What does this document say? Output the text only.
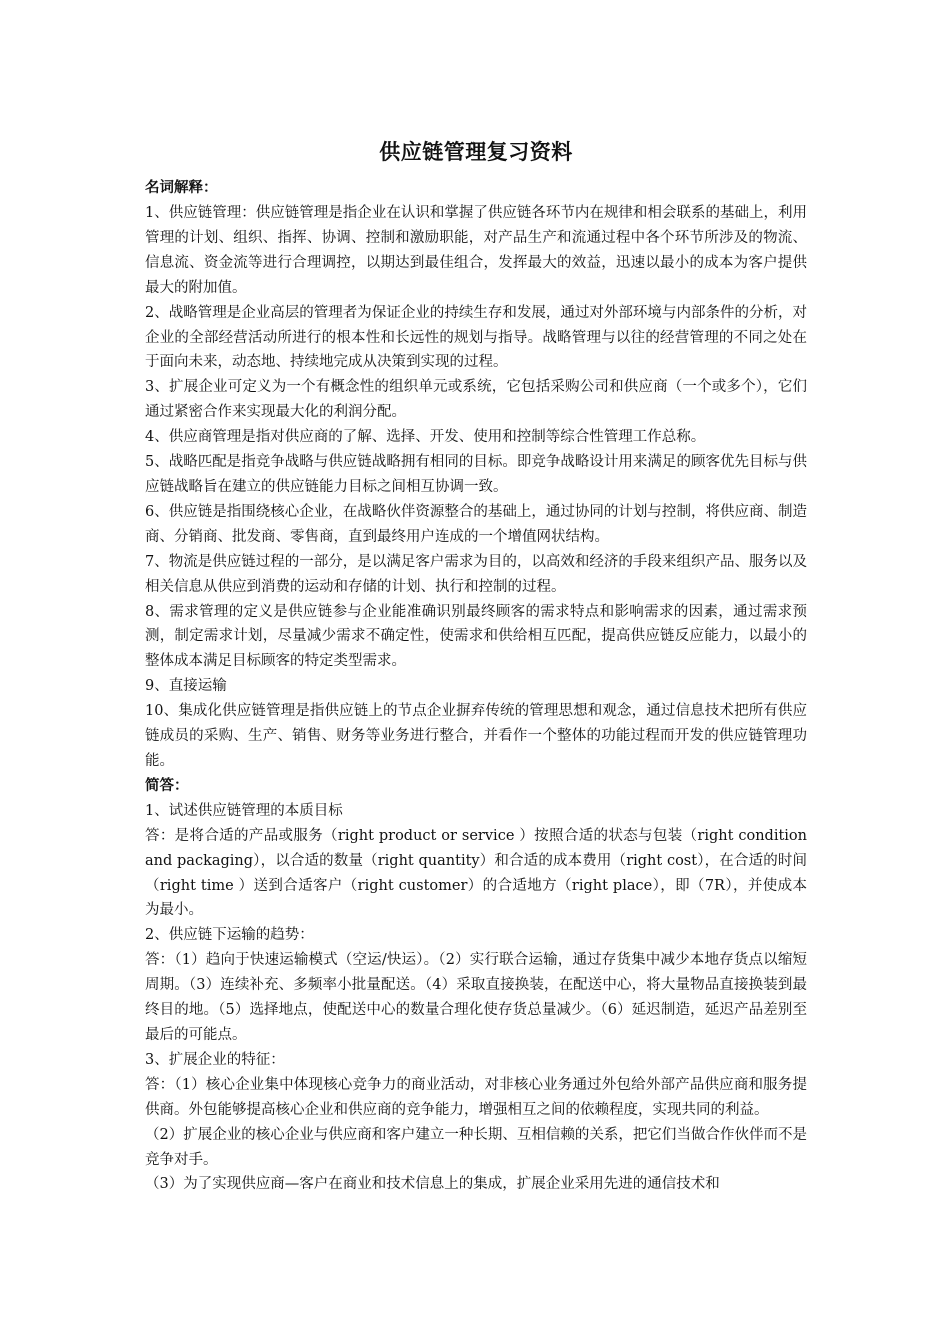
供应链管理复习资料
名词解释：

1、供应链管理：供应链管理是指企业在认识和掌握了供应链各环节内在规律和相会联系的基础上，利用管理的计划、组织、指挥、协调、控制和激励职能，对产品生产和流通过程中各个环节所涉及的物流、信息流、资金流等进行合理调控，以期达到最佳组合，发挥最大的效益，迅速以最小的成本为客户提供最大的附加值。

2、战略管理是企业高层的管理者为保证企业的持续生存和发展，通过对外部环境与内部条件的分析，对企业的全部经营活动所进行的根本性和长远性的规划与指导。战略管理与以往的经营管理的不同之处在于面向未来，动态地、持续地完成从决策到实现的过程。

3、扩展企业可定义为一个有概念性的组织单元或系统，它包括采购公司和供应商（一个或多个），它们通过紧密合作来实现最大化的利润分配。

4、供应商管理是指对供应商的了解、选择、开发、使用和控制等综合性管理工作总称。

5、战略匹配是指竞争战略与供应链战略拥有相同的目标。即竞争战略设计用来满足的顾客优先目标与供应链战略旨在建立的供应链能力目标之间相互协调一致。

6、供应链是指围绕核心企业，在战略伙伴资源整合的基础上，通过协同的计划与控制，将供应商、制造商、分销商、批发商、零售商，直到最终用户连成的一个增值网状结构。

7、物流是供应链过程的一部分，是以满足客户需求为目的，以高效和经济的手段来组织产品、服务以及相关信息从供应到消费的运动和存储的计划、执行和控制的过程。

8、需求管理的定义是供应链参与企业能准确识别最终顾客的需求特点和影响需求的因素，通过需求预测，制定需求计划，尽量减少需求不确定性，使需求和供给相互匹配，提高供应链反应能力，以最小的整体成本满足目标顾客的特定类型需求。

9、直接运输

10、集成化供应链管理是指供应链上的节点企业摒弃传统的管理思想和观念，通过信息技术把所有供应链成员的采购、生产、销售、财务等业务进行整合，并看作一个整体的功能过程而开发的供应链管理功能。

简答：

1、试述供应链管理的本质目标

答：是将合适的产品或服务（right product or service ）按照合适的状态与包装（right condition and packaging），以合适的数量（right quantity）和合适的成本费用（right cost），在合适的时间（right time ）送到合适客户（right customer）的合适地方（right place），即（7R），并使成本为最小。

2、供应链下运输的趋势：

答：（1）趋向于快速运输模式（空运/快运）。（2）实行联合运输，通过存货集中减少本地存货点以缩短周期。（3）连续补充、多频率小批量配送。（4）采取直接换装，在配送中心，将大量物品直接换装到最终目的地。（5）选择地点，使配送中心的数量合理化使存货总量减少。（6）延迟制造，延迟产品差别至最后的可能点。

3、扩展企业的特征：

答：（1）核心企业集中体现核心竞争力的商业活动，对非核心业务通过外包给外部产品供应商和服务提供商。外包能够提高核心企业和供应商的竞争能力，增强相互之间的依赖程度，实现共同的利益。

（2）扩展企业的核心企业与供应商和客户建立一种长期、互相信赖的关系，把它们当做合作伙伴而不是竞争对手。

（3）为了实现供应商—客户在商业和技术信息上的集成，扩展企业采用先进的通信技术和
